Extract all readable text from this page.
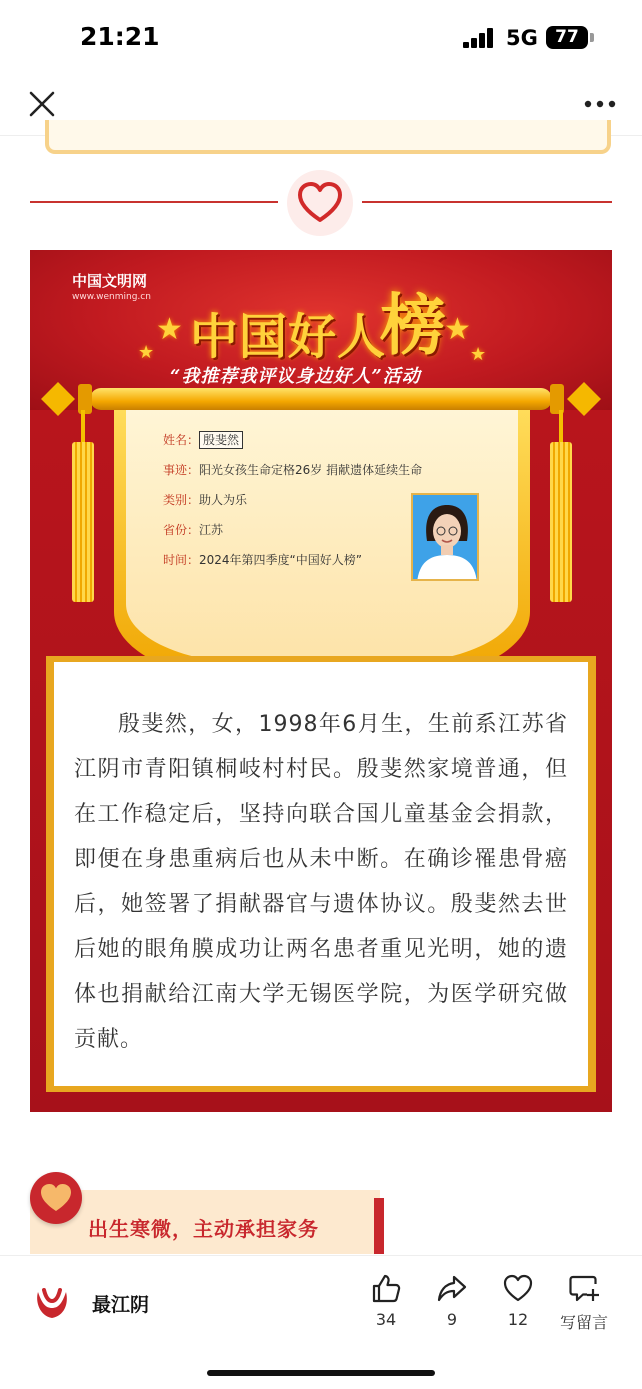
21:21	5G	77
中国文明网
www.wenming.cn
★
★
★
★
中国好人
榜
“我推荐我评议身边好人”活动
姓名： 殷斐然
事迹：阳光女孩生命定格26岁 捐献遗体延续生命
类别：助人为乐
省份：江苏
时间：2024年第四季度“中国好人榜”

殷斐然，女，1998年6月生，生前系江苏省江阴市青阳镇桐岐村村民。殷斐然家境普通，但在工作稳定后，坚持向联合国儿童基金会捐款，即便在身患重病后也从未中断。在确诊罹患骨癌后，她签署了捐献器官与遗体协议。殷斐然去世后她的眼角膜成功让两名患者重见光明，她的遗体也捐献给江南大学无锡医学院，为医学研究做贡献。

出生寒微，主动承担家务
最江阴
34	9	12	写留言
